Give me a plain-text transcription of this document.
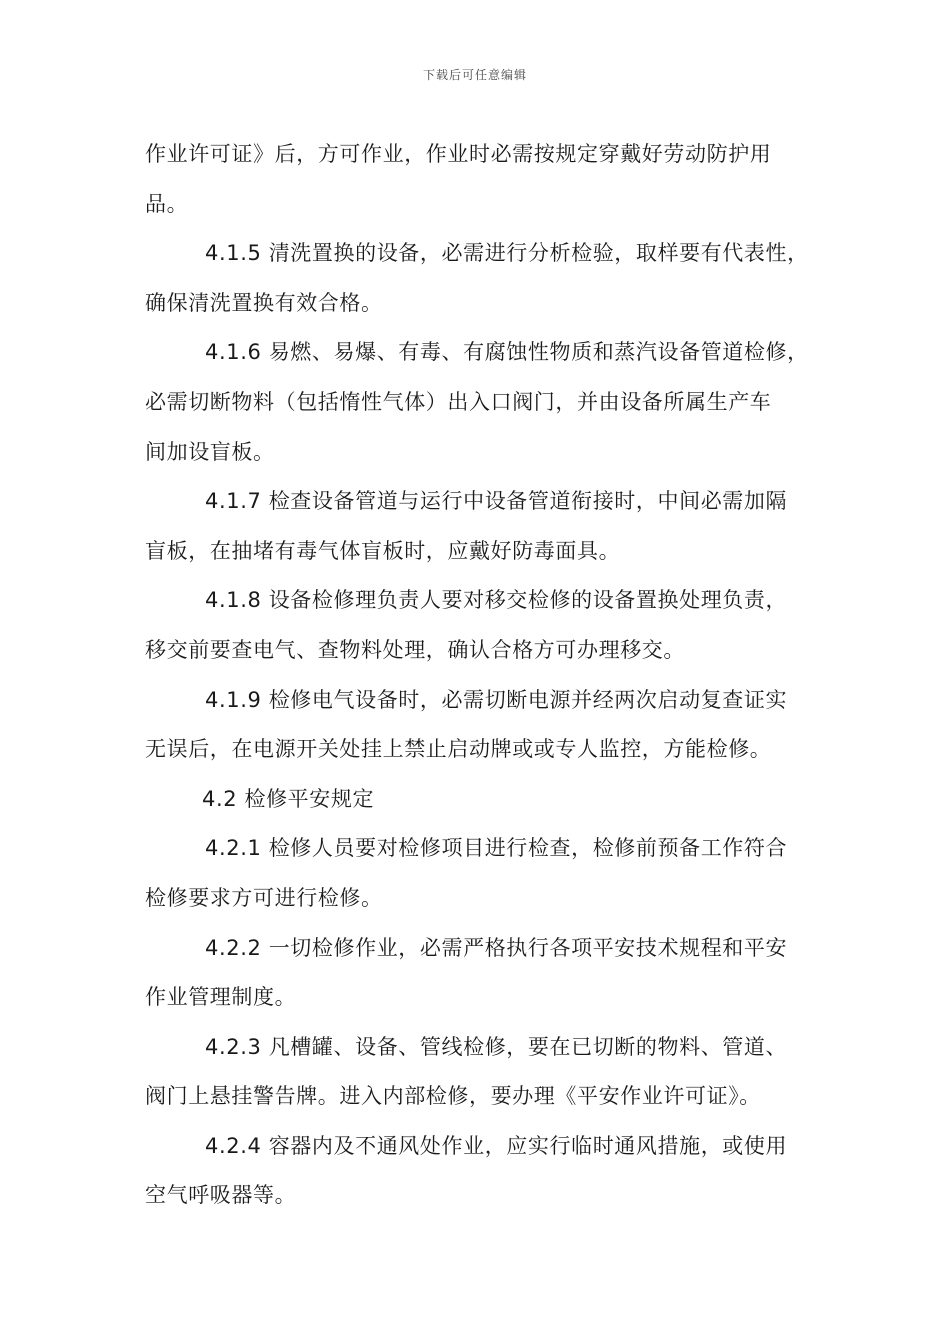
下载后可任意编辑
作业许可证》后，方可作业，作业时必需按规定穿戴好劳动防护用
品。
4.1.5 清洗置换的设备，必需进行分析检验，取样要有代表性，
确保清洗置换有效合格。
4.1.6 易燃、易爆、有毒、有腐蚀性物质和蒸汽设备管道检修，
必需切断物料（包括惰性气体）出入口阀门，并由设备所属生产车
间加设盲板。
4.1.7 检查设备管道与运行中设备管道衔接时，中间必需加隔
盲板，在抽堵有毒气体盲板时，应戴好防毒面具。
4.1.8 设备检修理负责人要对移交检修的设备置换处理负责，
移交前要查电气、查物料处理，确认合格方可办理移交。
4.1.9 检修电气设备时，必需切断电源并经两次启动复查证实
无误后，在电源开关处挂上禁止启动牌或或专人监控，方能检修。
4.2 检修平安规定
4.2.1 检修人员要对检修项目进行检查，检修前预备工作符合
检修要求方可进行检修。
4.2.2 一切检修作业，必需严格执行各项平安技术规程和平安
作业管理制度。
4.2.3 凡槽罐、设备、管线检修，要在已切断的物料、管道、
阀门上悬挂警告牌。进入内部检修，要办理《平安作业许可证》。
4.2.4 容器内及不通风处作业，应实行临时通风措施，或使用
空气呼吸器等。
